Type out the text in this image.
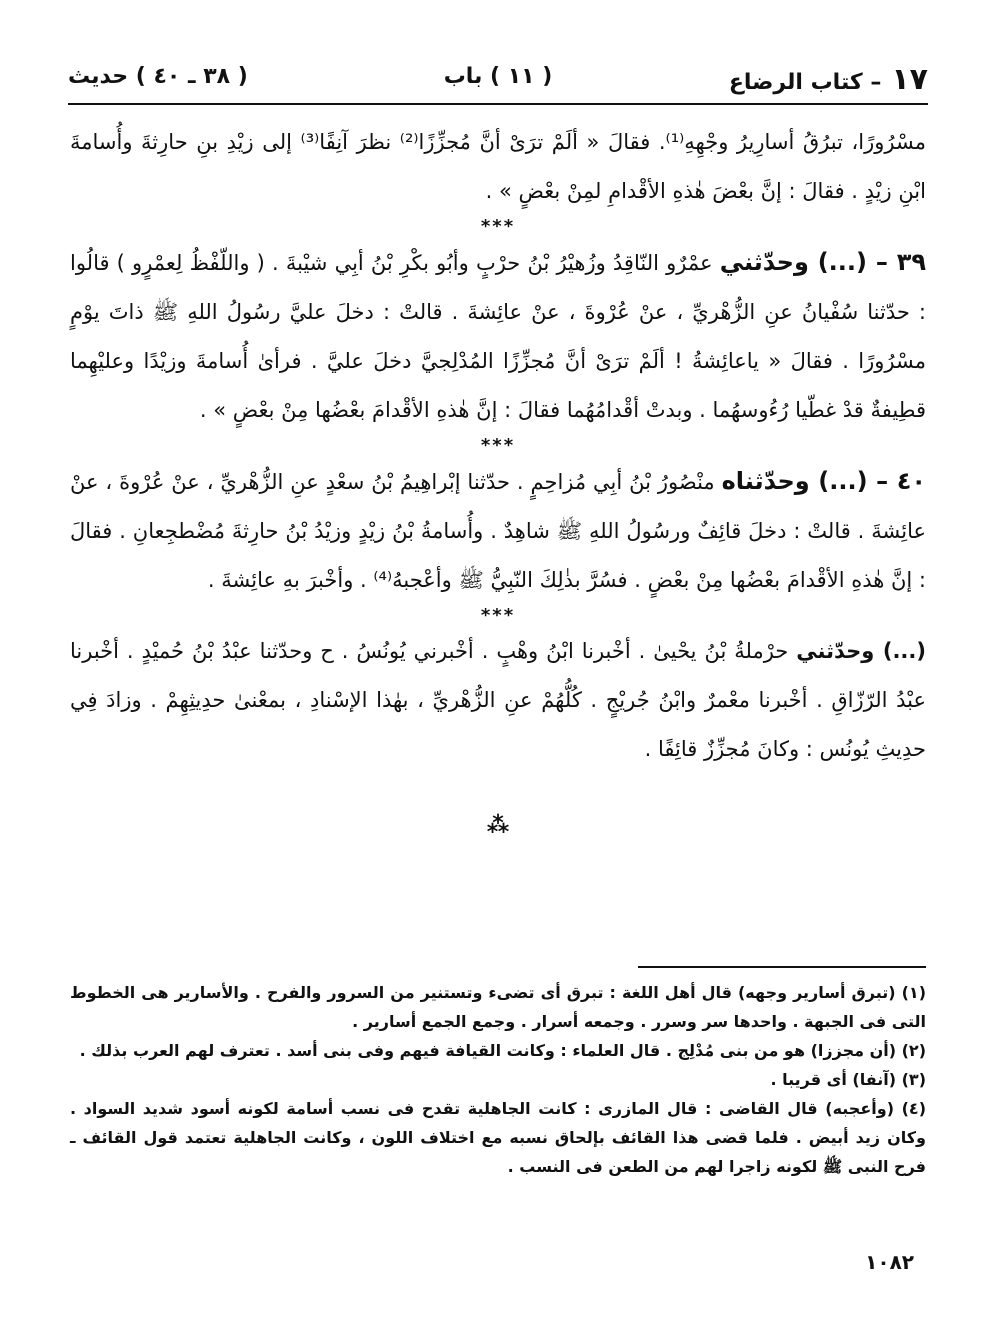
١٧– كتاب الرضاع
( ١١ ) باب
( ٣٨ ـ ٤٠ ) حديث

مسْرُورًا، تبرُقُ أسارِيرُ وجْهِهِ⁽¹⁾. فقالَ « ألَمْ ترَىْ أنَّ مُجزِّزًا⁽²⁾ نظرَ آنِفًا⁽³⁾ إلى زيْدِ بنِ حارِثةَ وأُسامةَ ابْنِ زيْدٍ . فقالَ : إنَّ بعْضَ هٰذهِ الأقْدامِ لمِنْ بعْضٍ » .

***

٣٩ – (...) وحدّثني عمْرٌو النّاقِدُ وزُهيْرُ بْنُ حرْبٍ وأبُو بكْرِ بْنُ أبِي شيْبةَ . ( واللّفْظُ لِعمْرٍو ) قالُوا : حدّثنا سُفْيانُ عنِ الزُّهْريِّ ، عنْ عُرْوةَ ، عنْ عائِشةَ . قالتْ : دخلَ عليَّ رسُولُ اللهِ ﷺ ذاتَ يوْمٍ مسْرُورًا . فقالَ « ياعائِشةُ ! ألَمْ ترَىْ أنَّ مُجزِّزًا المُدْلِجيَّ دخلَ عليَّ . فرأىٰ أُسامةَ وزيْدًا وعليْهِما قطِيفةٌ قدْ غطّيا رُءُوسهُما . وبدتْ أقْدامُهُما فقالَ : إنَّ هٰذهِ الأقْدامَ بعْضُها مِنْ بعْضٍ » .

***

٤٠ – (...) وحدّثناه منْصُورُ بْنُ أبِي مُزاحِمٍ . حدّثنا إبْراهِيمُ بْنُ سعْدٍ عنِ الزُّهْريِّ ، عنْ عُرْوةَ ، عنْ عائِشةَ . قالتْ : دخلَ قائِفٌ ورسُولُ اللهِ ﷺ شاهِدٌ . وأُسامةُ بْنُ زيْدٍ وزيْدُ بْنُ حارِثةَ مُضْطجِعانِ . فقالَ : إنَّ هٰذهِ الأقْدامَ بعْضُها مِنْ بعْضٍ . فسُرَّ بذٰلِكَ النّبِيُّ ﷺ وأعْجبهُ⁽⁴⁾ . وأخْبرَ بهِ عائِشةَ .

***

(...) وحدّثني حرْملةُ بْنُ يحْيىٰ . أخْبرنا ابْنُ وهْبٍ . أخْبرني يُونُسُ . ح وحدّثنا عبْدُ بْنُ حُميْدٍ . أخْبرنا عبْدُ الرّزّاقِ . أخْبرنا معْمرٌ وابْنُ جُريْجٍ . كُلُّهُمْ عنِ الزُّهْريِّ ، بهٰذا الإسْنادِ ، بمعْنىٰ حدِيثِهِمْ . وزادَ فِي حدِيثِ يُونُس : وكانَ مُجزِّزٌ قائِفًا .

⁂

(١) (تبرق أسارير وجهه) قال أهل اللغة : تبرق أى تضىء وتستنير من السرور والفرح . والأسارير هى الخطوط التى فى الجبهة . واحدها سر وسرر . وجمعه أسرار . وجمع الجمع أسارير .

(٢) (أن مجززا) هو من بنى مُدْلِج . قال العلماء : وكانت القيافة فيهم وفى بنى أسد . تعترف لهم العرب بذلك .

(٣) (آنفا) أى قريبا .

(٤) (وأعجبه) قال القاضى : قال المازرى : كانت الجاهلية تقدح فى نسب أسامة لكونه أسود شديد السواد . وكان زيد أبيض . فلما قضى هذا القائف بإلحاق نسبه مع اختلاف اللون ، وكانت الجاهلية تعتمد قول القائف ـ فرح النبى ﷺ لكونه زاجرا لهم من الطعن فى النسب .

١٠٨٢
